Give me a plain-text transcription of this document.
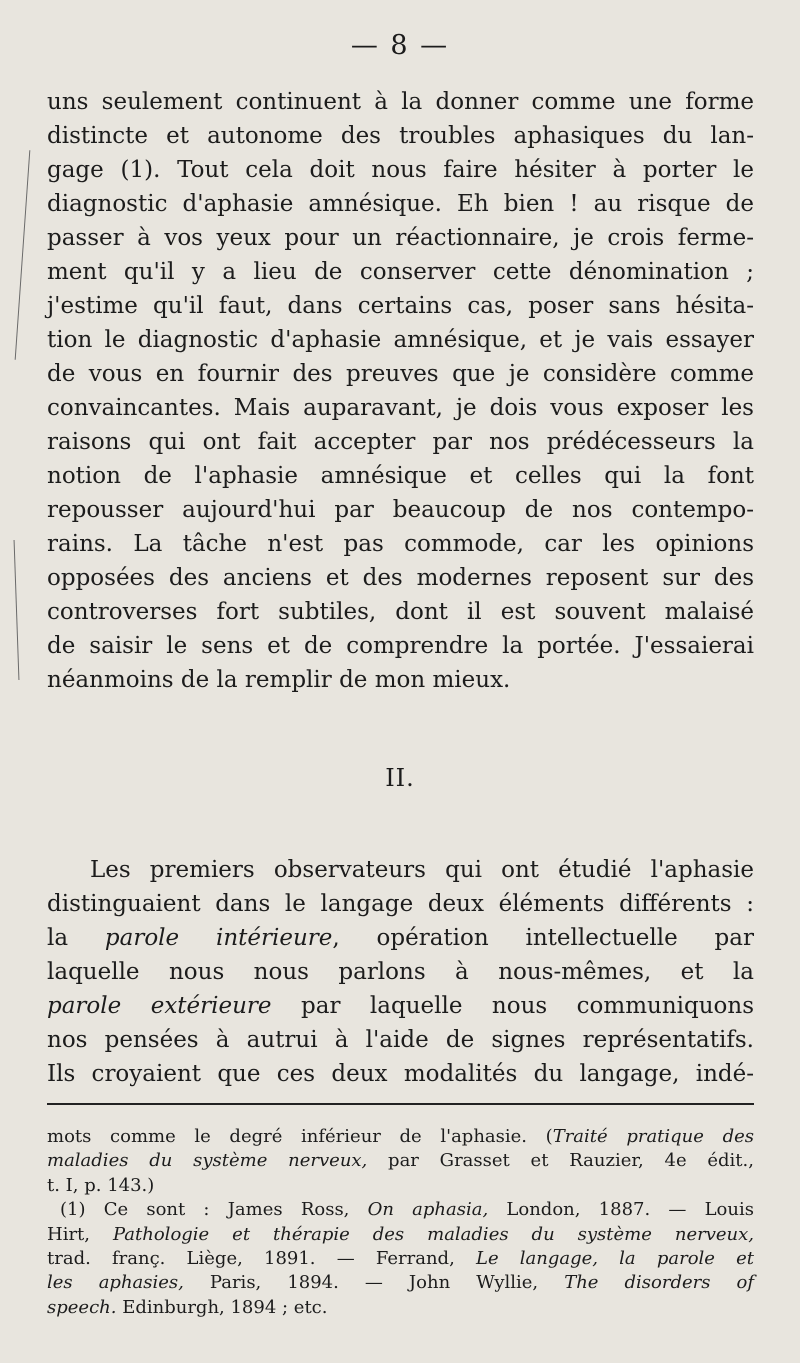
— 8 —
uns seulement continuent à la donner comme une forme
distincte et autonome des troubles aphasiques du lan-
gage (1). Tout cela doit nous faire hésiter à porter le
diagnostic d'aphasie amnésique. Eh bien ! au risque de
passer à vos yeux pour un réactionnaire, je crois ferme-
ment qu'il y a lieu de conserver cette dénomination ;
j'estime qu'il faut, dans certains cas, poser sans hésita-
tion le diagnostic d'aphasie amnésique, et je vais essayer
de vous en fournir des preuves que je considère comme
convaincantes. Mais auparavant, je dois vous exposer les
raisons qui ont fait accepter par nos prédécesseurs la
notion de l'aphasie amnésique et celles qui la font
repousser aujourd'hui par beaucoup de nos contempo-
rains. La tâche n'est pas commode, car les opinions
opposées des anciens et des modernes reposent sur des
controverses fort subtiles, dont il est souvent malaisé
de saisir le sens et de comprendre la portée. J'essaierai
néanmoins de la remplir de mon mieux.
II.
Les premiers observateurs qui ont étudié l'aphasie
distinguaient dans le langage deux éléments différents :
la parole intérieure, opération intellectuelle par
laquelle nous nous parlons à nous-mêmes, et la
parole extérieure par laquelle nous communiquons
nos pensées à autrui à l'aide de signes représentatifs.
Ils croyaient que ces deux modalités du langage, indé-
mots comme le degré inférieur de l'aphasie. (Traité pratique des
maladies du système nerveux, par Grasset et Rauzier, 4e édit.,
t. I, p. 143.)
(1) Ce sont : James Ross, On aphasia, London, 1887. — Louis
Hirt, Pathologie et thérapie des maladies du système nerveux,
trad. franç. Liège, 1891. — Ferrand, Le langage, la parole et
les aphasies, Paris, 1894. — John Wyllie, The disorders of
speech. Edinburgh, 1894 ; etc.
